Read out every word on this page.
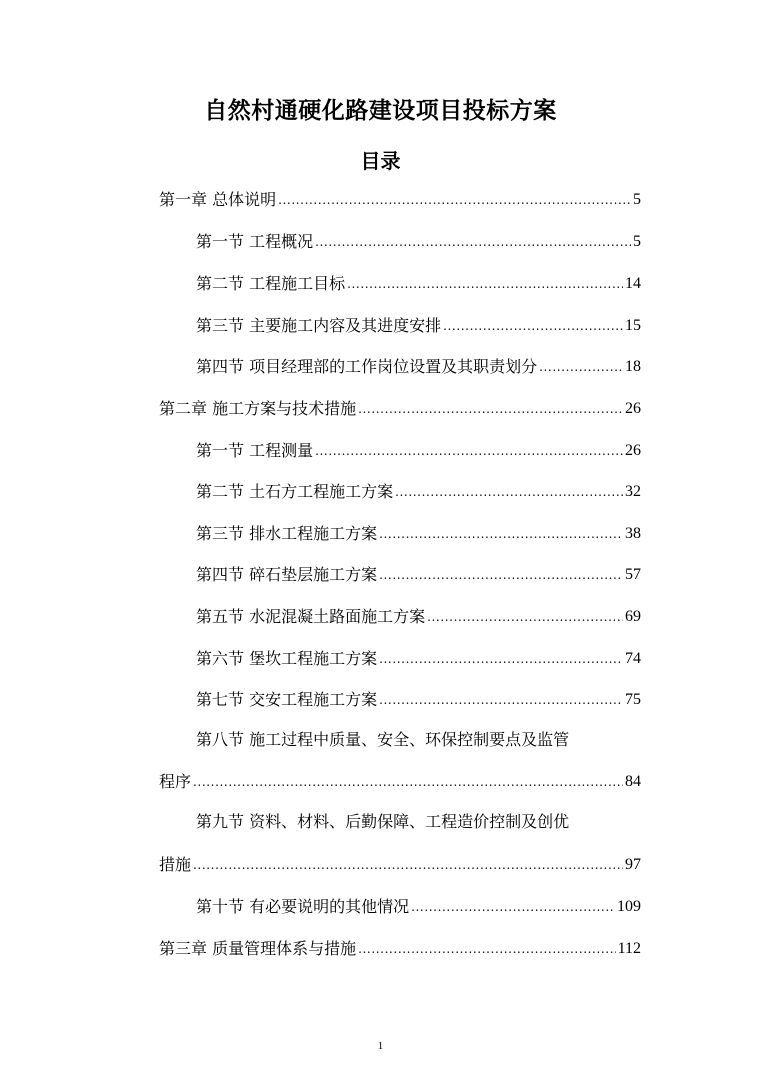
自然村通硬化路建设项目投标方案
目录
第一章 总体说明 .....	5
第一节 工程概况 .....	5
第二节 工程施工目标 .....	14
第三节 主要施工内容及其进度安排 .....	15
第四节 项目经理部的工作岗位设置及其职责划分 .....	18
第二章 施工方案与技术措施 .....	26
第一节 工程测量 .....	26
第二节 土石方工程施工方案 .....	32
第三节 排水工程施工方案 .....	38
第四节 碎石垫层施工方案 .....	57
第五节 水泥混凝土路面施工方案 .....	69
第六节 堡坎工程施工方案 .....	74
第七节 交安工程施工方案 .....	75
第八节 施工过程中质量、安全、环保控制要点及监管
程序 .....	84
第九节 资料、材料、后勤保障、工程造价控制及创优
措施 .....	97
第十节 有必要说明的其他情况 .....	109
第三章 质量管理体系与措施 .....	112
1
